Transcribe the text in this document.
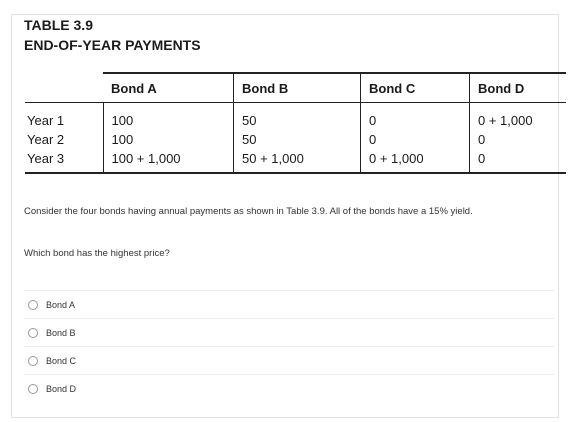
TABLE 3.9
END-OF-YEAR PAYMENTS
	Bond A	Bond B	Bond C	Bond D
Year 1	100	50	0	0 + 1,000
Year 2	100	50	0	0
Year 3	100 + 1,000	50 + 1,000	0 + 1,000	0
Consider the four bonds having annual payments as shown in Table 3.9. All of the bonds have a 15% yield.
Which bond has the highest price?
Bond A
Bond B
Bond C
Bond D
